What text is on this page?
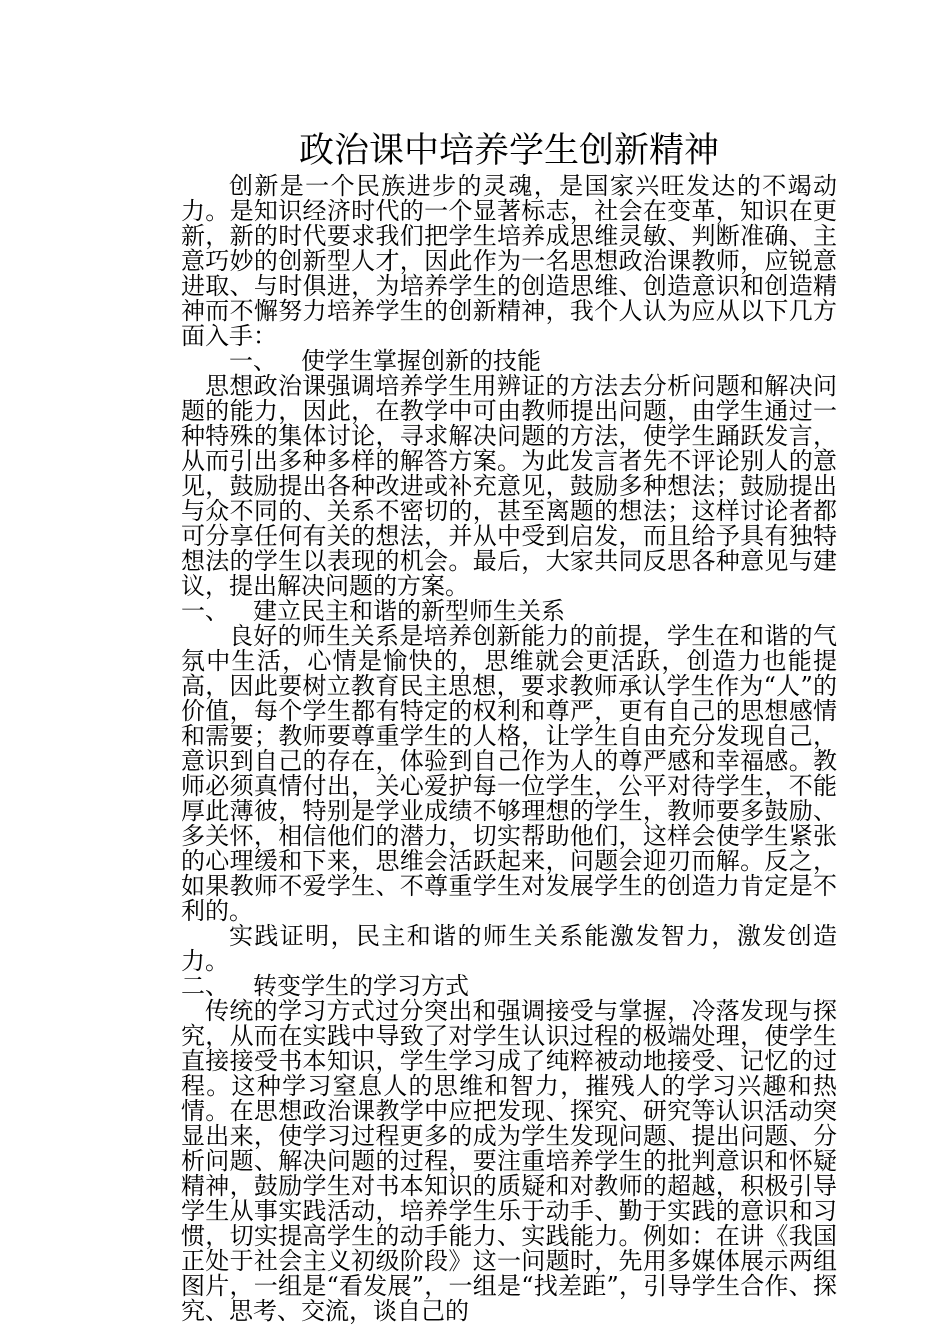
政治课中培养学生创新精神

创新是一个民族进步的灵魂，是国家兴旺发达的不竭动力。是知识经济时代的一个显著标志，社会在变革，知识在更新，新的时代要求我们把学生培养成思维灵敏、判断准确、主意巧妙的创新型人才，因此作为一名思想政治课教师，应锐意进取、与时俱进，为培养学生的创造思维、创造意识和创造精神而不懈努力培养学生的创新精神，我个人认为应从以下几方面入手：

一、 使学生掌握创新的技能

思想政治课强调培养学生用辨证的方法去分析问题和解决问题的能力，因此，在教学中可由教师提出问题，由学生通过一种特殊的集体讨论，寻求解决问题的方法，使学生踊跃发言，从而引出多种多样的解答方案。为此发言者先不评论别人的意见，鼓励提出各种改进或补充意见，鼓励多种想法；鼓励提出与众不同的、关系不密切的，甚至离题的想法；这样讨论者都可分享任何有关的想法，并从中受到启发，而且给予具有独特想法的学生以表现的机会。最后，大家共同反思各种意见与建议，提出解决问题的方案。

一、 建立民主和谐的新型师生关系

良好的师生关系是培养创新能力的前提，学生在和谐的气氛中生活，心情是愉快的，思维就会更活跃，创造力也能提高，因此要树立教育民主思想，要求教师承认学生作为“人”的价值，每个学生都有特定的权利和尊严，更有自己的思想感情和需要；教师要尊重学生的人格，让学生自由充分发现自己，意识到自己的存在，体验到自己作为人的尊严感和幸福感。教师必须真情付出，关心爱护每一位学生，公平对待学生，不能厚此薄彼，特别是学业成绩不够理想的学生，教师要多鼓励、多关怀，相信他们的潜力，切实帮助他们，这样会使学生紧张的心理缓和下来，思维会活跃起来，问题会迎刃而解。反之，如果教师不爱学生、不尊重学生对发展学生的创造力肯定是不利的。

实践证明，民主和谐的师生关系能激发智力，激发创造力。

二、 转变学生的学习方式

传统的学习方式过分突出和强调接受与掌握，冷落发现与探究，从而在实践中导致了对学生认识过程的极端处理，使学生直接接受书本知识，学生学习成了纯粹被动地接受、记忆的过程。这种学习窒息人的思维和智力，摧残人的学习兴趣和热情。在思想政治课教学中应把发现、探究、研究等认识活动突显出来，使学习过程更多的成为学生发现问题、提出问题、分析问题、解决问题的过程，要注重培养学生的批判意识和怀疑精神，鼓励学生对书本知识的质疑和对教师的超越，积极引导学生从事实践活动，培养学生乐于动手、勤于实践的意识和习惯，切实提高学生的动手能力、实践能力。例如：在讲《我国正处于社会主义初级阶段》这一问题时，先用多媒体展示两组图片，一组是“看发展”，一组是“找差距”，引导学生合作、探究、思考、交流，谈自己的
